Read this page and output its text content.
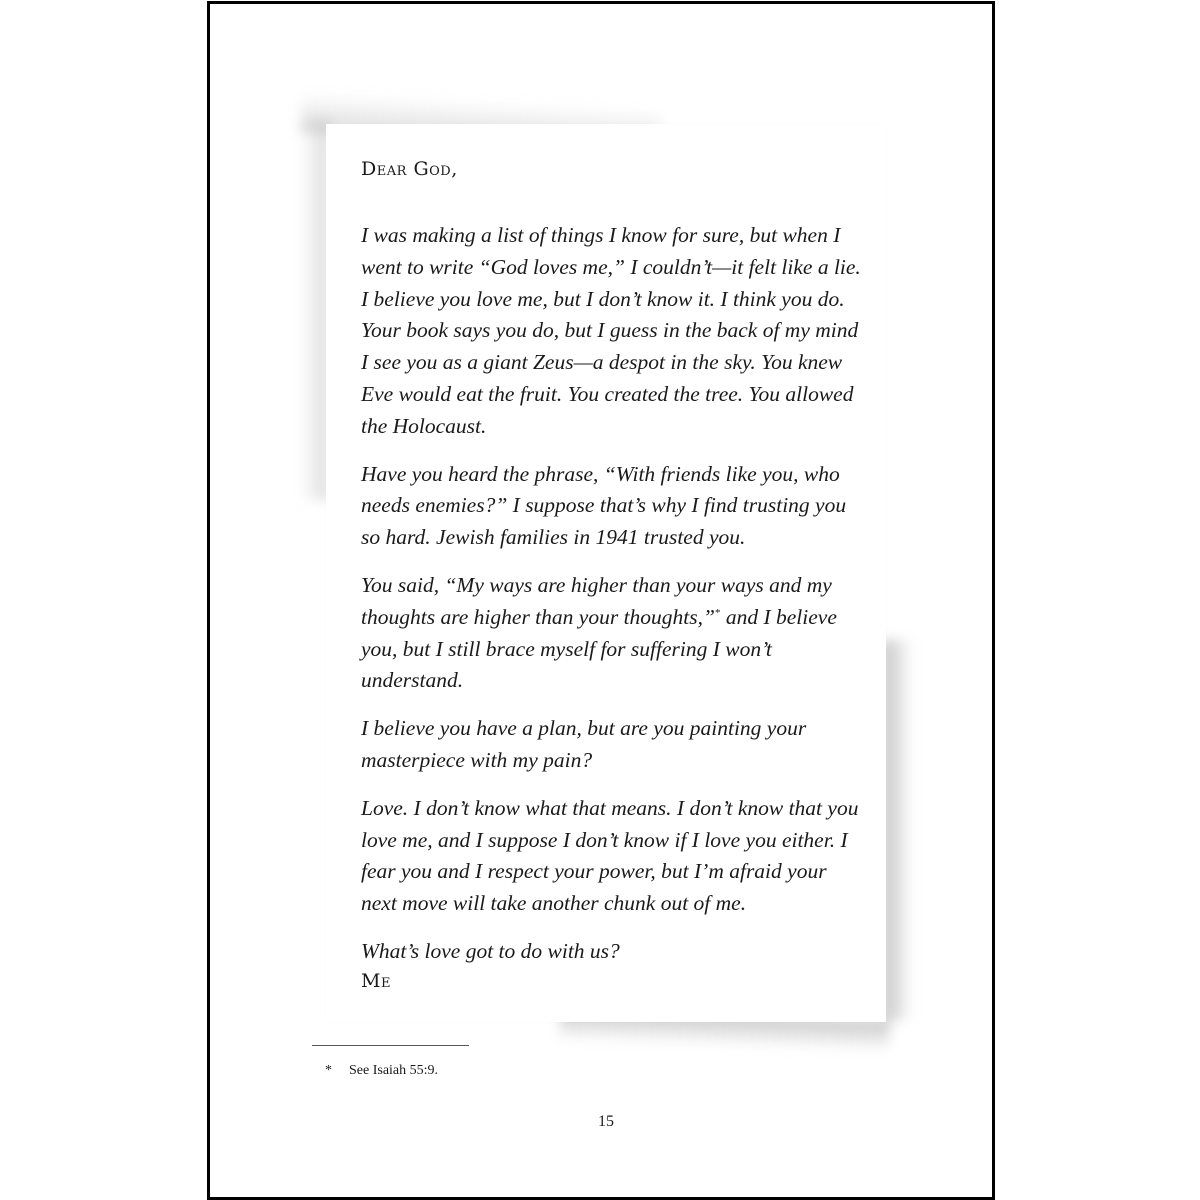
Dear God,

I was making a list of things I know for sure, but when I went to write “God loves me,” I couldn’t—it felt like a lie. I believe you love me, but I don’t know it. I think you do. Your book says you do, but I guess in the back of my mind I see you as a giant Zeus—a despot in the sky. You knew Eve would eat the fruit. You created the tree. You allowed the Holocaust.

Have you heard the phrase, “With friends like you, who needs enemies?” I suppose that’s why I find trusting you so hard. Jewish families in 1941 trusted you.

You said, “My ways are higher than your ways and my thoughts are higher than your thoughts,”* and I believe you, but I still brace myself for suffering I won’t understand.

I believe you have a plan, but are you painting your masterpiece with my pain?

Love. I don’t know what that means. I don’t know that you love me, and I suppose I don’t know if I love you either. I fear you and I respect your power, but I’m afraid your next move will take another chunk out of me.

What’s love got to do with us?

Me
* See Isaiah 55:9.
15
